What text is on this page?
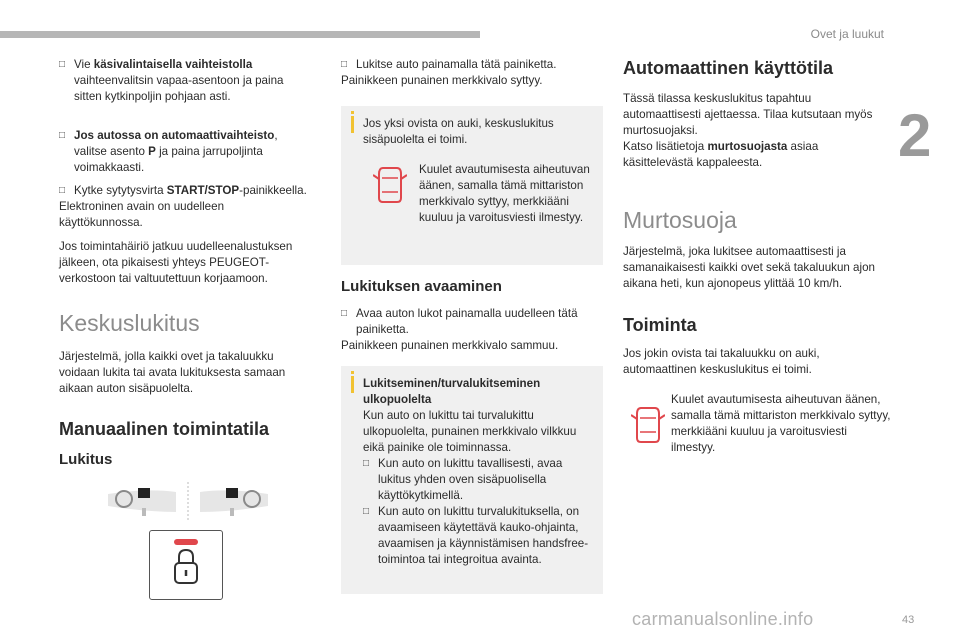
Ovet ja luukut
2

□ Vie käsivalintaisella vaihteistolla vaihteenvalitsin vapaa-asentoon ja paina sitten kytkinpoljin pohjaan asti.

□ Jos autossa on automaattivaihteisto, valitse asento P ja paina jarrupoljinta voimakkaasti.

□ Kytke sytytysvirta START/STOP-painikkeella.

Elektroninen avain on uudelleen käyttökunnossa.

Jos toimintahäiriö jatkuu uudelleenalustuksen jälkeen, ota pikaisesti yhteys PEUGEOT-verkostoon tai valtuutettuun korjaamoon.

Keskuslukitus

Järjestelmä, jolla kaikki ovet ja takaluukku voidaan lukita tai avata lukituksesta samaan aikaan auton sisäpuolelta.

Manuaalinen toimintatila
Lukitus

□ Lukitse auto painamalla tätä painiketta.

Painikkeen punainen merkkivalo syttyy.

Jos yksi ovista on auki, keskuslukitus sisäpuolelta ei toimi.

Kuulet avautumisesta aiheutuvan äänen, samalla tämä mittariston merkkivalo syttyy, merkkiääni kuuluu ja varoitusviesti ilmestyy.

Lukituksen avaaminen

□ Avaa auton lukot painamalla uudelleen tätä painiketta.

Painikkeen punainen merkkivalo sammuu.

Lukitseminen/turvalukitseminen ulkopuolelta

Kun auto on lukittu tai turvalukittu ulkopuolelta, punainen merkkivalo vilkkuu eikä painike ole toiminnassa.

□ Kun auto on lukittu tavallisesti, avaa lukitus yhden oven sisäpuolisella käyttökytkimellä.

□ Kun auto on lukittu turvalukituksella, on avaamiseen käytettävä kauko-ohjainta, avaamisen ja käynnistämisen handsfree-toimintoa tai integroitua avainta.

Automaattinen käyttötila

Tässä tilassa keskuslukitus tapahtuu automaattisesti ajettaessa. Tilaa kutsutaan myös murtosuojaksi.

Katso lisätietoja murtosuojasta asiaa käsittelevästä kappaleesta.

Murtosuoja

Järjestelmä, joka lukitsee automaattisesti ja samanaikaisesti kaikki ovet sekä takaluukun ajon aikana heti, kun ajonopeus ylittää 10 km/h.

Toiminta

Jos jokin ovista tai takaluukku on auki, automaattinen keskuslukitus ei toimi.

Kuulet avautumisesta aiheutuvan äänen, samalla tämä mittariston merkkivalo syttyy, merkkiääni kuuluu ja varoitusviesti ilmestyy.

carmanualsonline.info	43
